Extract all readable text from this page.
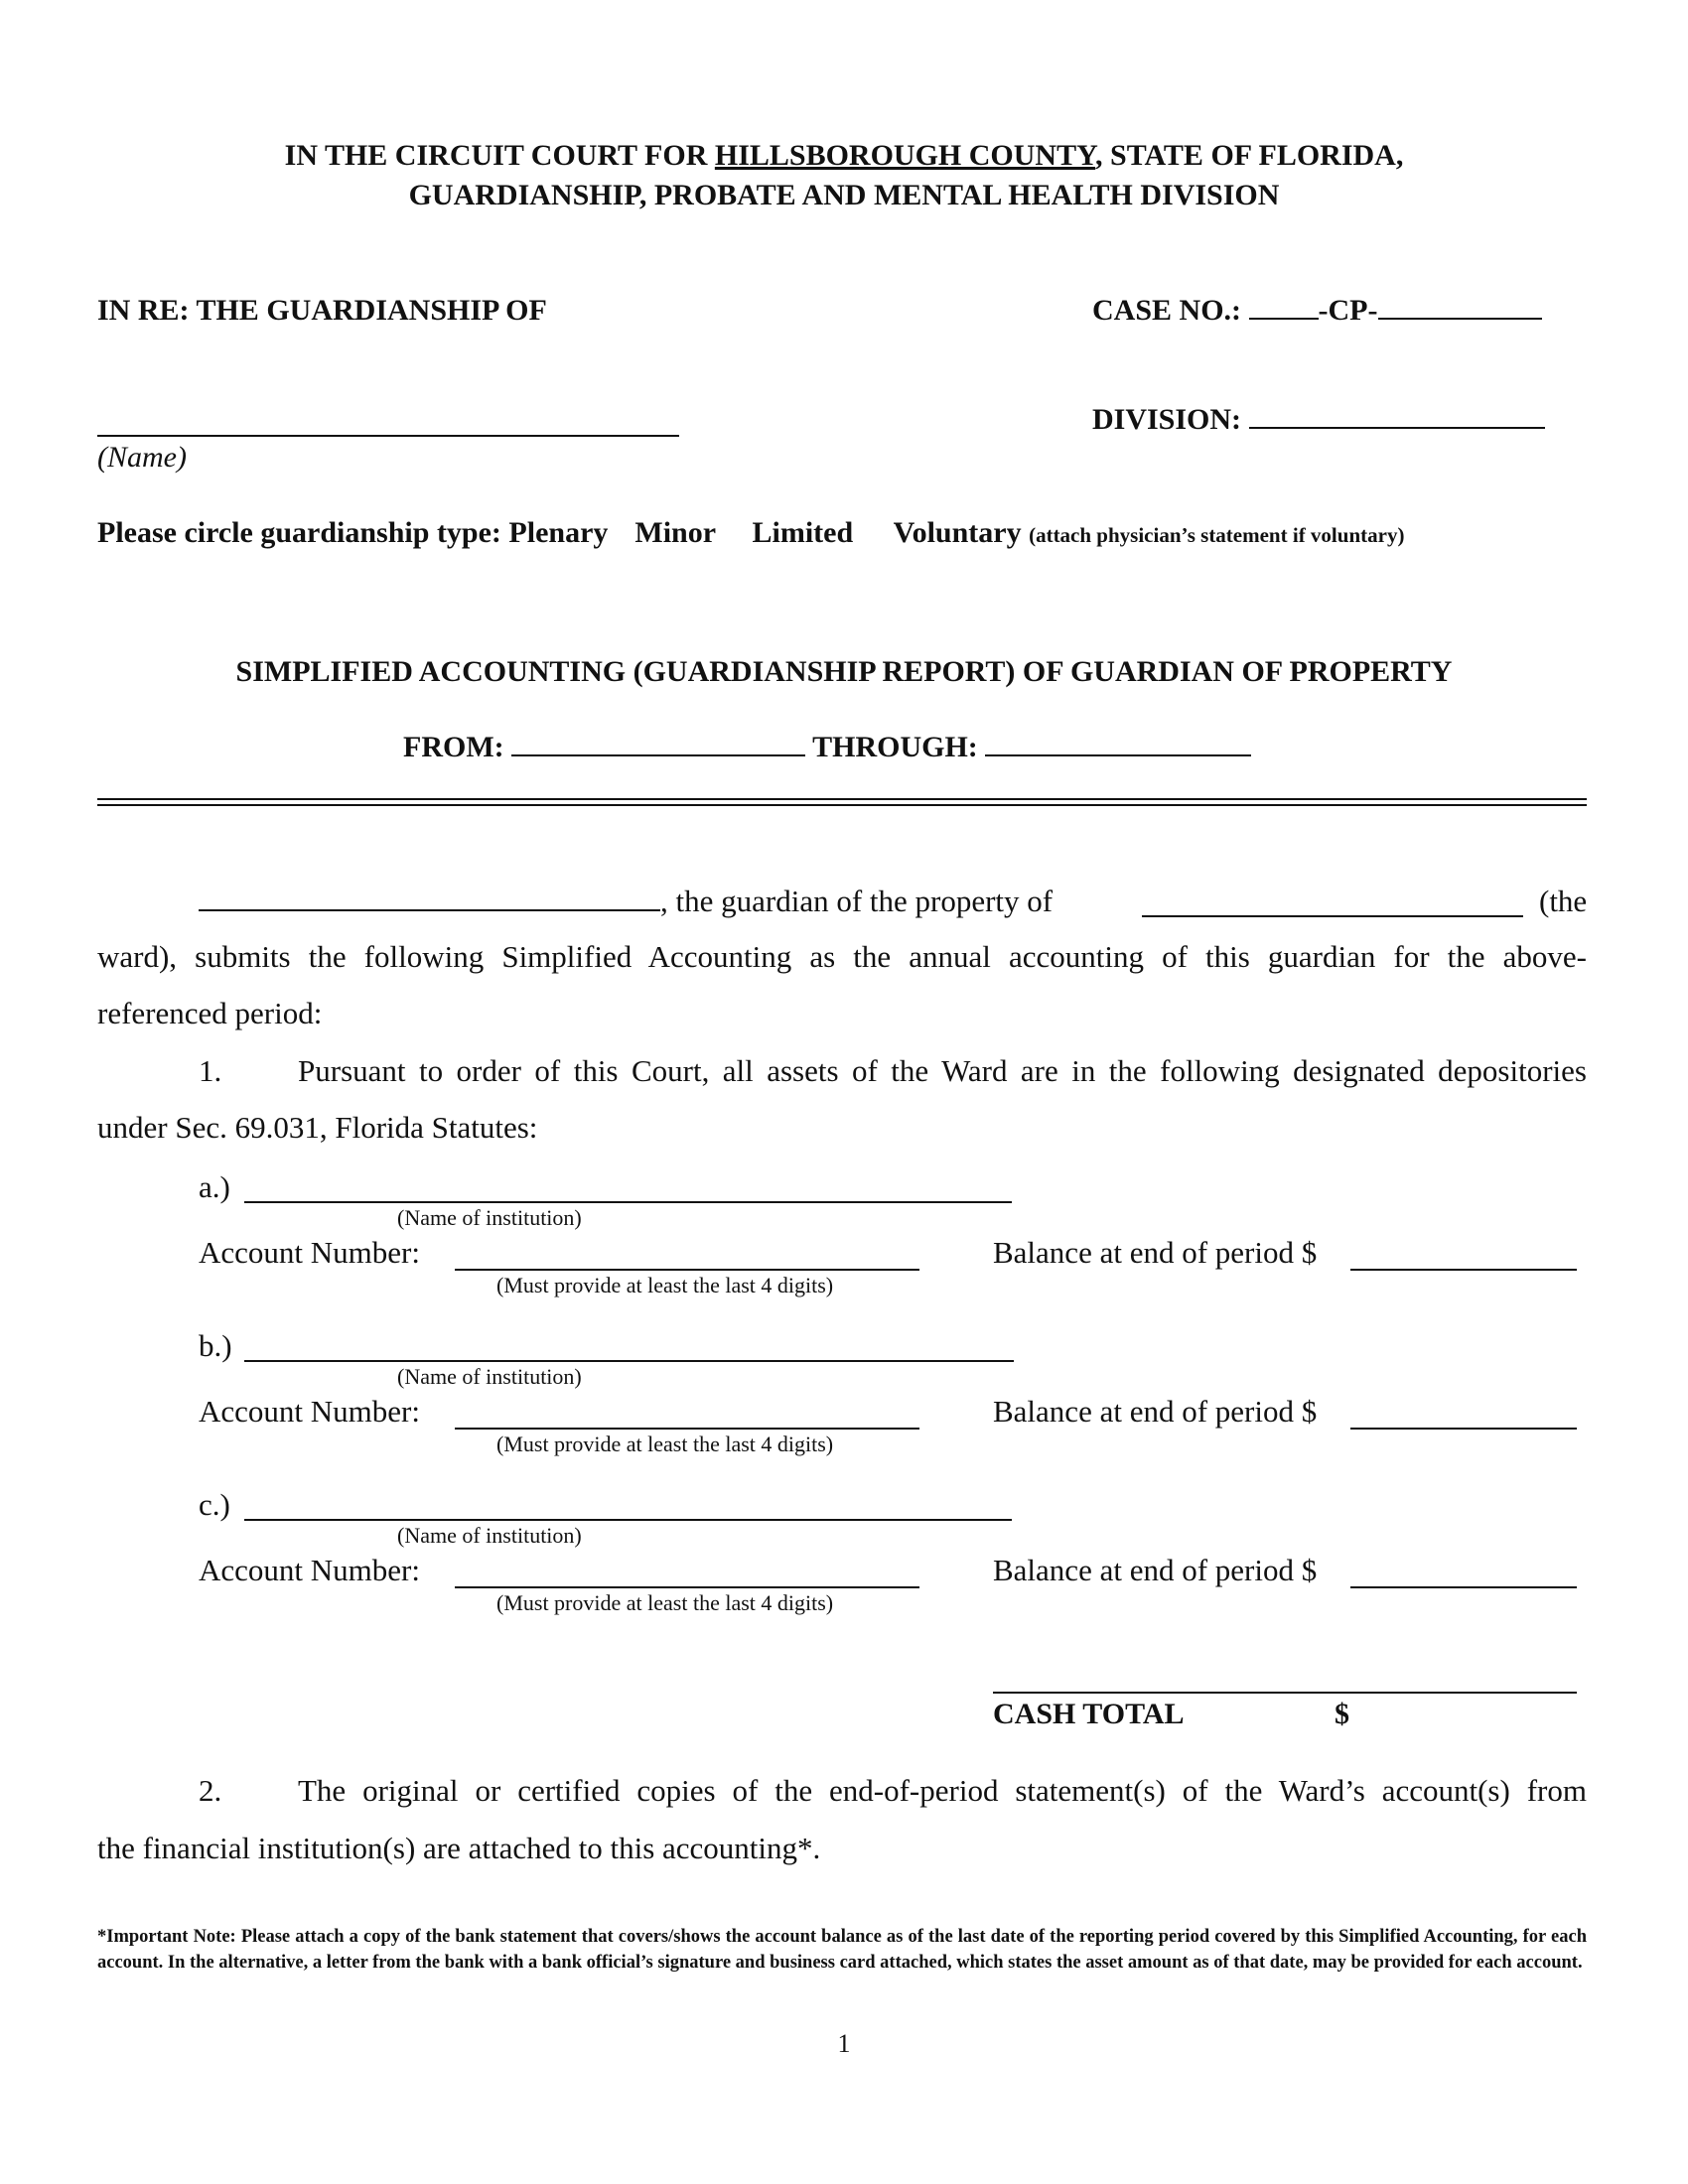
IN THE CIRCUIT COURT FOR HILLSBOROUGH COUNTY, STATE OF FLORIDA,
GUARDIANSHIP, PROBATE AND MENTAL HEALTH DIVISION
IN RE: THE GUARDIANSHIP OF	CASE NO.:	-CP-
(Name)
DIVISION:
Please circle guardianship type: Plenary Minor Limited Voluntary (attach physician’s statement if voluntary)
SIMPLIFIED ACCOUNTING (GUARDIANSHIP REPORT) OF GUARDIAN OF PROPERTY
FROM:	THROUGH:
, the guardian of the property of	(the
ward), submits the following Simplified Accounting as the annual accounting of this guardian for the above-
referenced period:
1. Pursuant to order of this Court, all assets of the Ward are in the following designated depositories
under Sec. 69.031, Florida Statutes:
a.)
(Name of institution)
Account Number:
(Must provide at least the last 4 digits)
Balance at end of period $
b.)
(Name of institution)
Account Number:
(Must provide at least the last 4 digits)
Balance at end of period $
c.)
(Name of institution)
Account Number:
(Must provide at least the last 4 digits)
Balance at end of period $
CASH TOTAL	$
2. The original or certified copies of the end-of-period statement(s) of the Ward’s account(s) from
the financial institution(s) are attached to this accounting*.
*Important Note: Please attach a copy of the bank statement that covers/shows the account balance as of the last date of the reporting period covered by this Simplified Accounting, for each account. In the alternative, a letter from the bank with a bank official’s signature and business card attached, which states the asset amount as of that date, may be provided for each account.
1
